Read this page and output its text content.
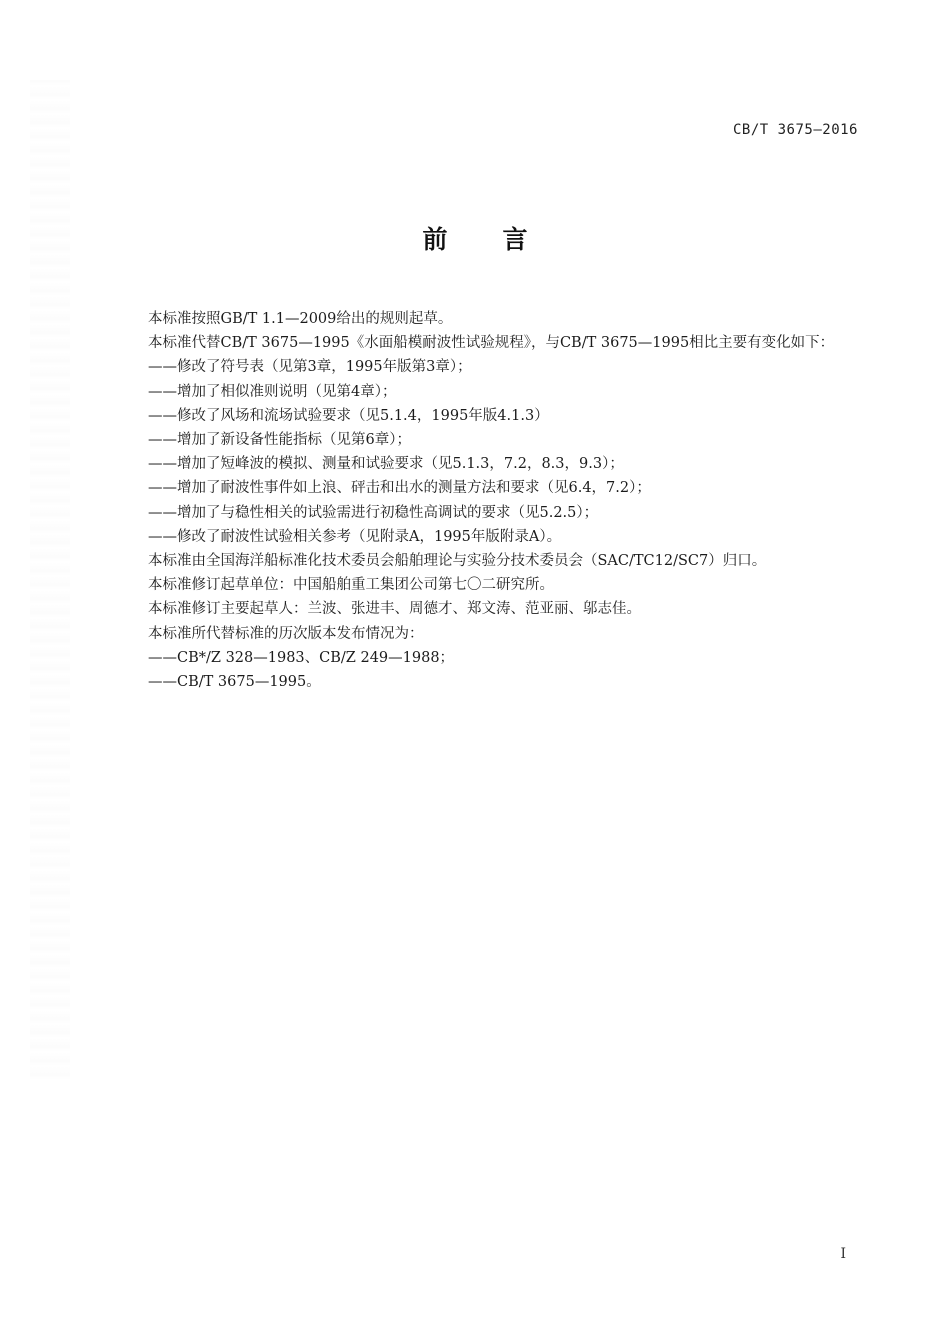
CB/T 3675—2016
前言

本标准按照GB/T 1.1—2009给出的规则起草。

本标准代替CB/T 3675—1995《水面船模耐波性试验规程》，与CB/T 3675—1995相比主要有变化如下：

——修改了符号表（见第3章，1995年版第3章）；

——增加了相似准则说明（见第4章）；

——修改了风场和流场试验要求（见5.1.4，1995年版4.1.3）

——增加了新设备性能指标（见第6章）；

——增加了短峰波的模拟、测量和试验要求（见5.1.3，7.2，8.3，9.3）；

——增加了耐波性事件如上浪、砰击和出水的测量方法和要求（见6.4，7.2）；

——增加了与稳性相关的试验需进行初稳性高调试的要求（见5.2.5）；

——修改了耐波性试验相关参考（见附录A，1995年版附录A）。

本标准由全国海洋船标准化技术委员会船舶理论与实验分技术委员会（SAC/TC12/SC7）归口。

本标准修订起草单位：中国船舶重工集团公司第七〇二研究所。

本标准修订主要起草人：兰波、张进丰、周德才、郑文涛、范亚丽、邬志佳。

本标准所代替标准的历次版本发布情况为：

——CB*/Z 328—1983、CB/Z 249—1988；

——CB/T 3675—1995。

I
